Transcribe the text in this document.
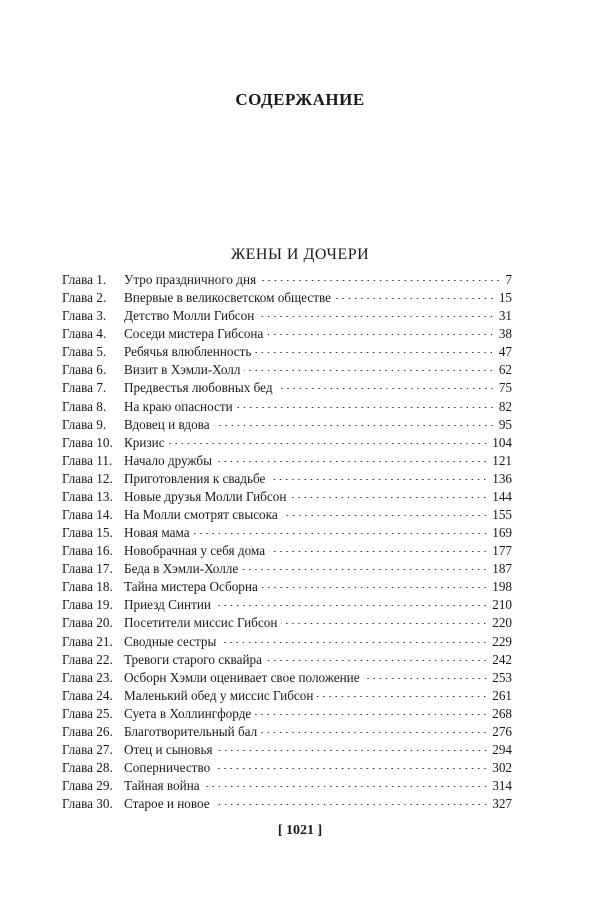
СОДЕРЖАНИЕ
ЖЕНЫ И ДОЧЕРИ
Глава 1.	Утро праздничного дня	7
Глава 2.	Впервые в великосветском обществе	15
Глава 3.	Детство Молли Гибсон	31
Глава 4.	Соседи мистера Гибсона	38
Глава 5.	Ребячья влюбленность	47
Глава 6.	Визит в Хэмли-Холл	62
Глава 7.	Предвестья любовных бед	75
Глава 8.	На краю опасности	82
Глава 9.	Вдовец и вдова	95
Глава 10. Кризис	104
Глава 11. Начало дружбы	121
Глава 12. Приготовления к свадьбе	136
Глава 13. Новые друзья Молли Гибсон	144
Глава 14. На Молли смотрят свысока	155
Глава 15. Новая мама	169
Глава 16. Новобрачная у себя дома	177
Глава 17. Беда в Хэмли-Холле	187
Глава 18. Тайна мистера Осборна	198
Глава 19. Приезд Синтии	210
Глава 20. Посетители миссис Гибсон	220
Глава 21. Сводные сестры	229
Глава 22. Тревоги старого сквайра	242
Глава 23. Осборн Хэмли оценивает свое положение	253
Глава 24. Маленький обед у миссис Гибсон	261
Глава 25. Суета в Холлингфорде	268
Глава 26. Благотворительный бал	276
Глава 27. Отец и сыновья	294
Глава 28. Соперничество	302
Глава 29. Тайная война	314
Глава 30. Старое и новое	327
[ 1021 ]
